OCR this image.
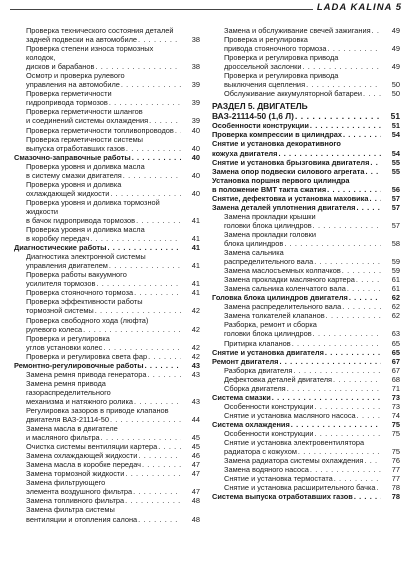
LADA KALINA 5
Проверка технического состояния деталей
задней подвески на автомобиле . . .	38
Проверка степени износа тормозных колодок,
дисков и барабанов . . .	38
Осмотр и проверка рулевого
управления на автомобиле . . .	39
Проверка герметичности
гидропривода тормозов . . .	39
Проверка герметичности шлангов
и соединений системы охлаждения . . .	39
Проверка герметичности топливопроводов . . . 40
Проверка герметичности системы
выпуска отработавших газов . . .	40
Смазочно-заправочные работы . . .	40
Проверка уровня и доливка масла
в систему смазки двигателя . . .	40
Проверка уровня и доливка
охлаждающей жидкости . . .	40
Проверка уровня и доливка тормозной жидкости
в бачок гидропривода тормозов . . .	41
Проверка уровня и доливка масла
в коробку передач . . .	41
Диагностические работы . . .	41
Диагностика электронной системы
управления двигателем . . .	41
Проверка работы вакуумного
усилителя тормозов . . .	41
Проверка стояночного тормоза . . .	41
Проверка эффективности работы
тормозной системы . . .	42
Проверка свободного хода (люфта)
рулевого колеса . . .	42
Проверка и регулировка
углов установки колес . . .	42
Проверка и регулировка света фар . . .	42
Ремонтно-регулировочные работы . . .	43
Замена ремня привода генератора . . .	43
Замена ремня привода газораспределительного
механизма и натяжного ролика . . .	43
Регулировка зазоров в приводе клапанов
двигателя ВАЗ-21114-50 . . .	44
Замена масла в двигателе
и масляного фильтра . . .	45
Очистка системы вентиляции картера . . .	45
Замена охлаждающей жидкости . . .	46
Замена масла в коробке передач . . .	47
Замена тормозной жидкости . . .	47
Замена фильтрующего
элемента воздушного фильтра . . .	47
Замена топливного фильтра . . .	48
Замена фильтра системы
вентиляции и отопления салона . . .	48
Замена и обслуживание свечей зажигания . . .	49
Проверка и регулировка
привода стояночного тормоза . . .	49
Проверка и регулировка привода
дроссельной заслонки . . .	49
Проверка и регулировка привода
выключения сцепления . . .	50
Обслуживание аккумуляторной батареи . . .	50
РАЗДЕЛ 5. ДВИГАТЕЛЬ
ВАЗ-21114-50 (1,6 Л) . . .	51
Особенности конструкции . . .	51
Проверка компрессии в цилиндрах . . .	54
Снятие и установка декоративного
кожуха двигателя . . .	54
Снятие и установка брызговика двигателя . . .	55
Замена опор подвески силового агрегата . . .	55
Установка поршня первого цилиндра
в положение ВМТ такта сжатия . . .	56
Снятие, дефектовка и установка маховика . . .	57
Замена деталей уплотнения двигателя . . .	57
Замена прокладки крышки
головки блока цилиндров . . .	57
Замена прокладки головки
блока цилиндров . . .	58
Замена сальника
распределительного вала . . .	59
Замена маслосъемных колпачков . . .	59
Замена прокладки масляного картера . . .	61
Замена сальника коленчатого вала . . .	61
Головка блока цилиндров двигателя . . .	62
Замена распределительного вала . . .	62
Замена толкателей клапанов . . .	62
Разборка, ремонт и сборка
головки блока цилиндров . . .	63
Притирка клапанов . . .	65
Снятие и установка двигателя . . .	65
Ремонт двигателя . . .	67
Разборка двигателя . . .	67
Дефектовка деталей двигателя . . .	68
Сборка двигателя . . .	71
Система смазки . . .	73
Особенности конструкции . . .	73
Снятие и установка масляного насоса . . .	74
Система охлаждения . . .	75
Особенности конструкции . . .	75
Снятие и установка электровентилятора
радиатора с кожухом . . .	75
Замена радиатора системы охлаждения . . .	76
Замена водяного насоса . . .	77
Снятие и установка термостата . . .	77
Снятие и установка расширительного бачка . . . 78
Система выпуска отработавших газов . . .	78
